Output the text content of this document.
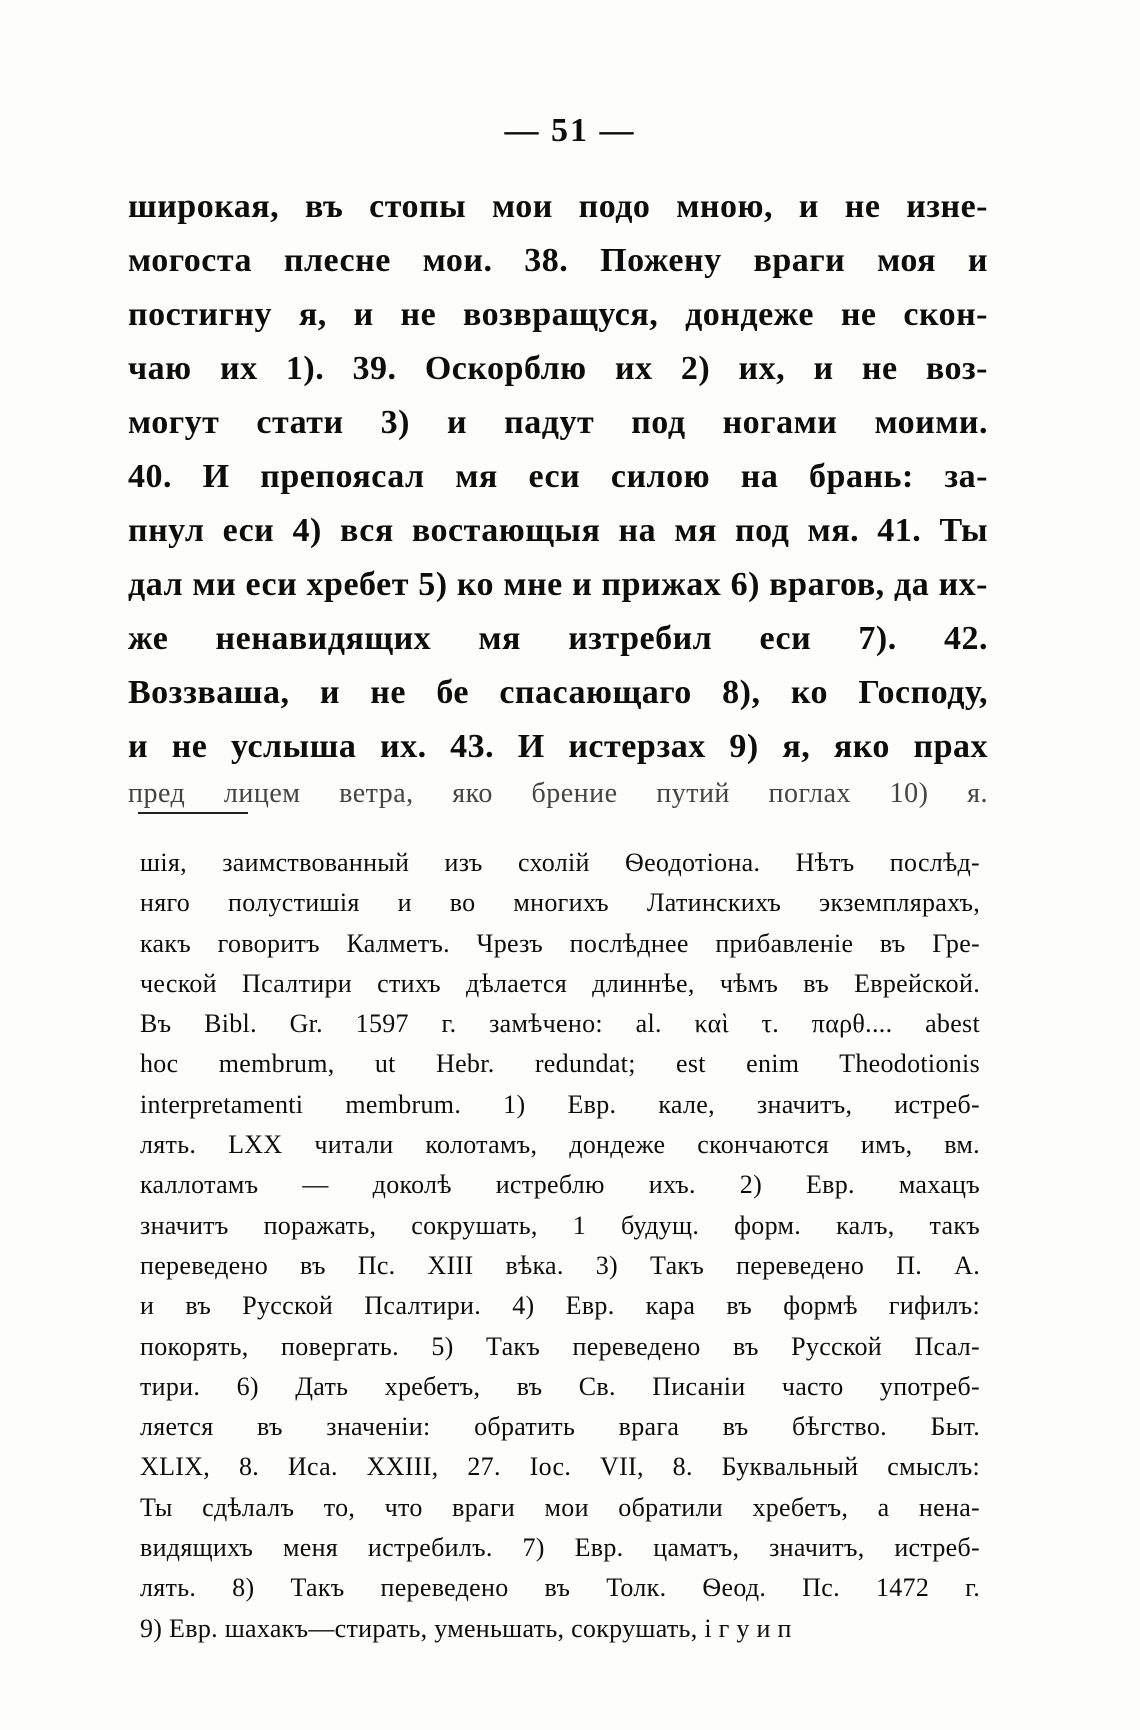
— 51 —
широкая, въ стопы мои подо мною, и не изне-
могоста плесне мои. 38. Пожену враги моя и
постигну я, и не возвращуся, дондеже не скон-
чаю их 1). 39. Оскорблю их 2) их, и не воз-
могут стати 3) и падут под ногами моими.
40. И препоясал мя еси силою на брань: за-
пнул еси 4) вся востающыя на мя под мя. 41. Ты
дал ми еси хребет 5) ко мне и прижах 6) врагов, да их-
же ненавидящих мя изтребил еси 7). 42.
Воззваша, и не бе спасающаго 8), ко Господу,
и не услыша их. 43. И истерзах 9) я, яко прах
пред лицем ветра, яко брение путий поглах 10) я.
шія, заимствованный изъ схолій Ѳеодотіона. Нѣтъ послѣд-
няго полустишія и во многихъ Латинскихъ экземплярахъ,
какъ говоритъ Калметъ. Чрезъ послѣднее прибавленіе въ Гре-
ческой Псалтири стихъ дѣлается длиннѣе, чѣмъ въ Еврейской.
Въ Bibl. Gr. 1597 г. замѣчено: al. καὶ τ. παρθ.... abest
hoc membrum, ut Hebr. redundat; est enim Theodotionis
interpretamenti membrum. 1) Евр. кале, значитъ, истреб-
лять. LXX читали колотамъ, дондеже скончаются имъ, вм.
каллотамъ — доколѣ истреблю ихъ. 2) Евр. махацъ
значитъ поражать, сокрушать, 1 будущ. форм. калъ, такъ
переведено въ Пс. XIII вѣка. 3) Такъ переведено П. А.
и въ Русской Псалтири. 4) Евр. кара въ формѣ гифилъ:
покорять, повергать. 5) Такъ переведено въ Русской Псал-
тири. 6) Дать хребетъ, въ Св. Писаніи часто употреб-
ляется въ значеніи: обратить врага въ бѣгство. Быт.
XLIX, 8. Иса. XXIII, 27. Іос. VII, 8. Буквальный смыслъ:
Ты сдѣлалъ то, что враги мои обратили хребетъ, а нена-
видящихъ меня истребилъ. 7) Евр. цаматъ, значитъ, истреб-
лять. 8) Такъ переведено въ Толк. Ѳеод. Пс. 1472 г.
9) Евр. шахакъ—стирать, уменьшать, сокрушать, i г у и п
